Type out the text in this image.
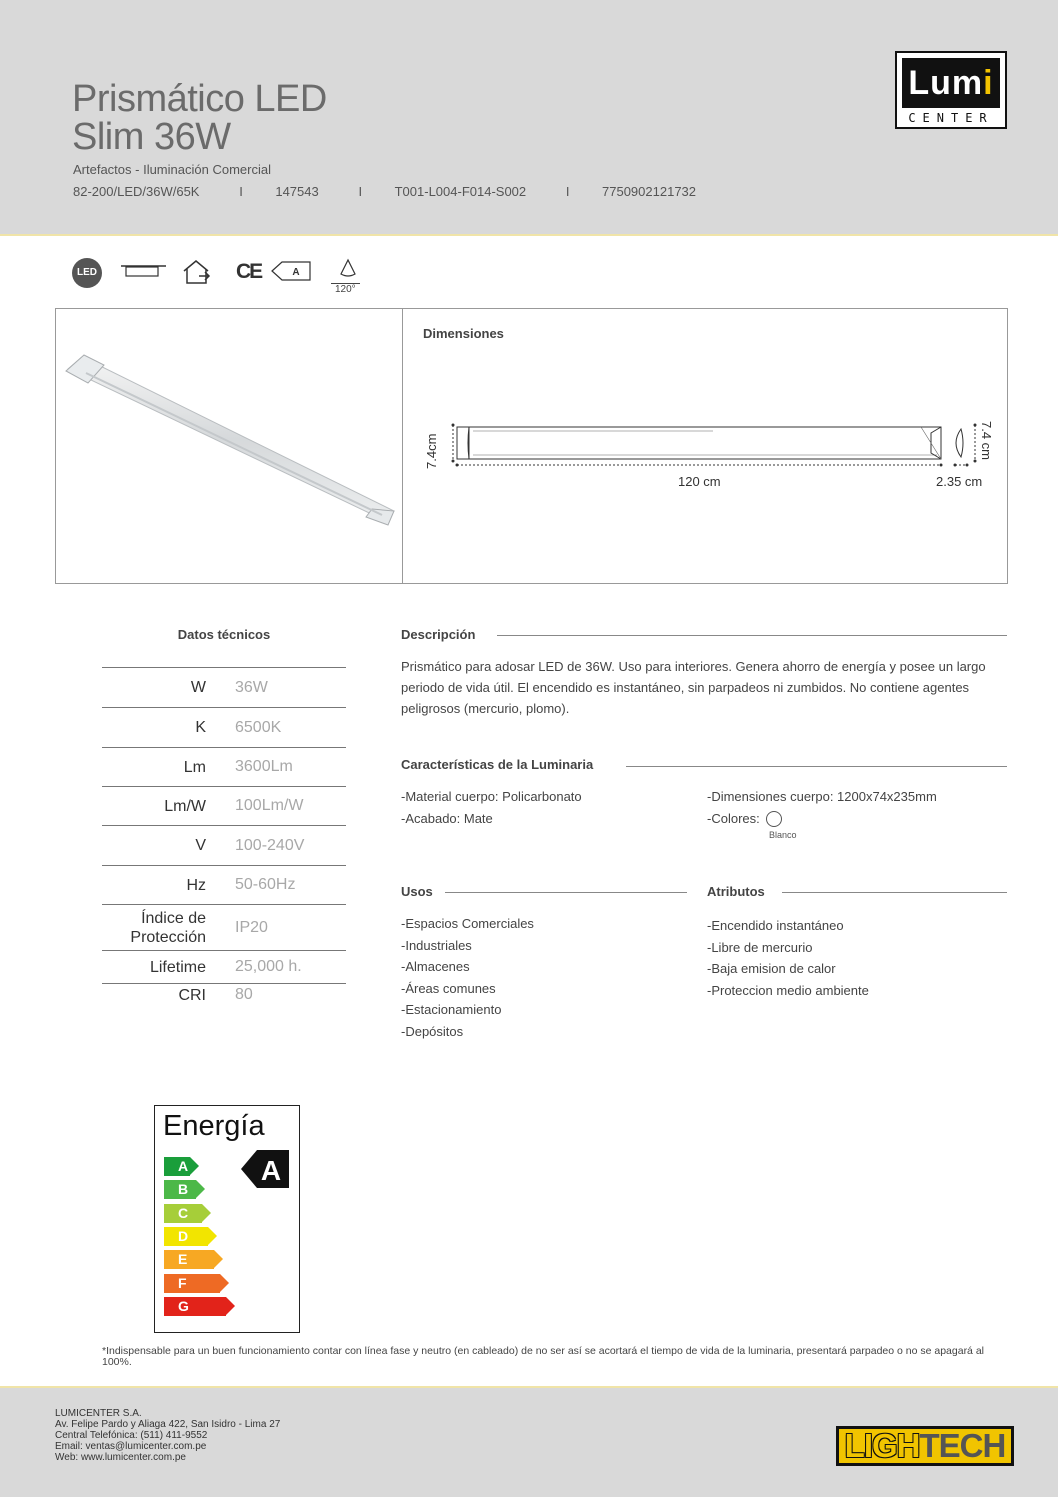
Prismático LED
Slim 36W
Artefactos - Iluminación Comercial
82-200/LED/36W/65K
	I
	147543
	I
	T001-L004-F014-S002
	I
	7750902121732
Lumi
CENTER
LED	CE	A
120°
Dimensiones
7.4cm	7.4 cm
120 cm	2.35 cm
Datos técnicos
W 36W
K 6500K
Lm 3600Lm
Lm/W 100Lm/W
V 100-240V
Hz 50-60Hz
Índice de Protección
IP20
Lifetime 25,000 h.
CRI 80
Descripción
Prismático para adosar LED de 36W. Uso para interiores. Genera ahorro de energía y posee un largo periodo de vida útil. El encendido es instantáneo, sin parpadeos ni zumbidos. No contiene agentes peligrosos (mercurio, plomo).
Características de la Luminaria
-Material cuerpo: Policarbonato
-Acabado: Mate
-Dimensiones cuerpo: 1200x74x235mm
-Colores:
Blanco
Usos
-Espacios Comerciales
-Industriales
-Almacenes
-Áreas comunes
-Estacionamiento
-Depósitos
Atributos
-Encendido instantáneo
-Libre de mercurio
-Baja emision de calor
-Proteccion medio ambiente
Energía
A
B
C
D
E
F
G
A
*Indispensable para un buen funcionamiento contar con línea fase y neutro (en cableado) de no ser así se acortará el tiempo de vida de la luminaria, presentará parpadeo o no se apagará al 100%.
LUMICENTER S.A.
Av. Felipe Pardo y Aliaga 422, San Isidro - Lima 27
Central Telefónica: (511) 411-9552
Email: ventas@lumicenter.com.pe
Web: www.lumicenter.com.pe	LIGHTECH
